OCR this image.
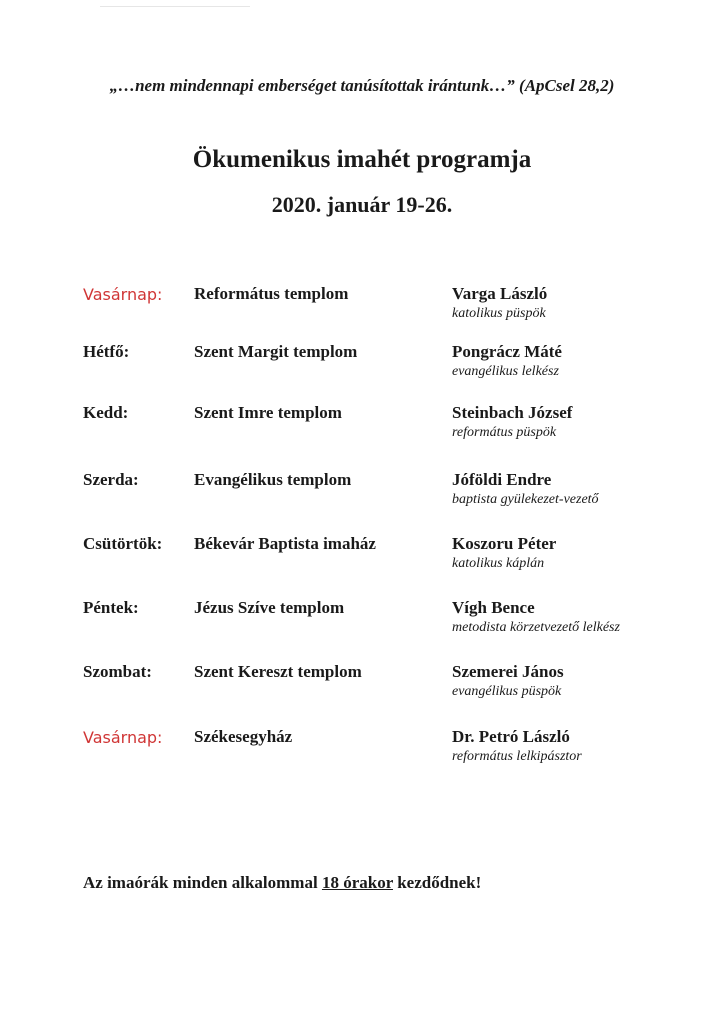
„…nem mindennapi emberséget tanúsítottak irántunk…” (ApCsel 28,2)
Ökumenikus imahét programja
2020. január 19-26.
Vasárnap: Református templom	Varga László
katolikus püspök
Hétfő:	Szent Margit templom	Pongrácz Máté
evangélikus lelkész
Kedd:	Szent Imre templom	Steinbach József
református püspök
Szerda:	Evangélikus templom	Jóföldi Endre
baptista gyülekezet-vezető
Csütörtök: Békevár Baptista imaház	Koszoru Péter
katolikus káplán
Péntek:	Jézus Szíve templom	Vígh Bence
metodista körzetvezető lelkész
Szombat: Szent Kereszt templom	Szemerei János
evangélikus püspök
Vasárnap: Székesegyház	Dr. Petró László
református lelkipásztor
Az imaórák minden alkalommal 18 órakor kezdődnek!
